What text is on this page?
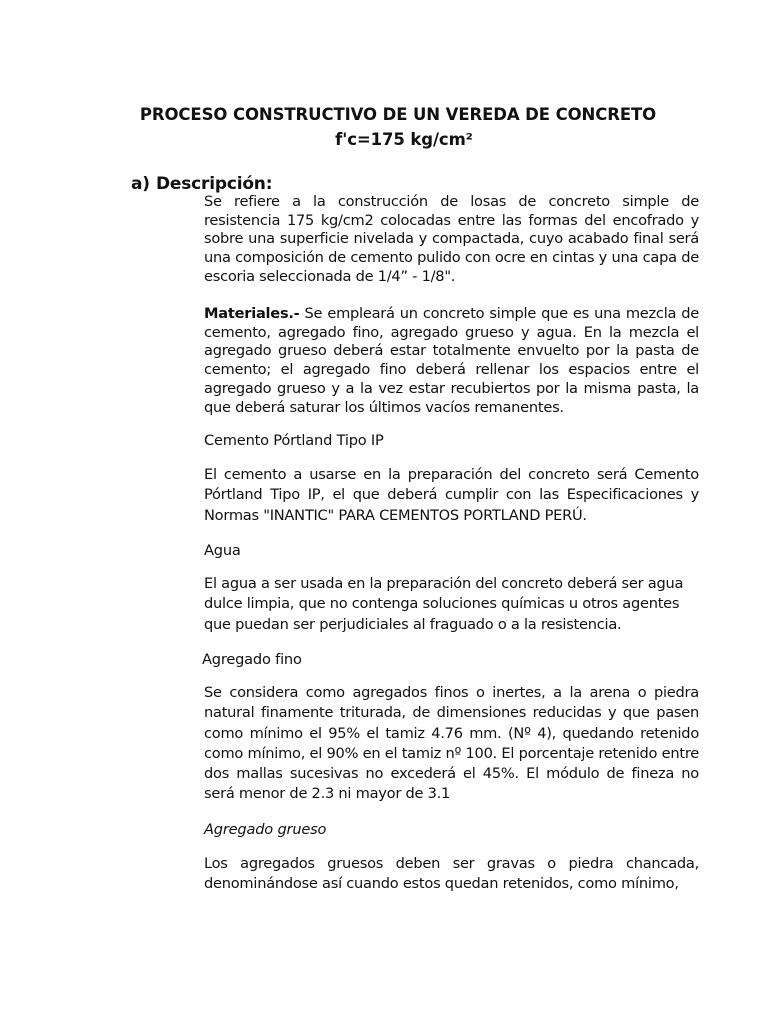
PROCESO CONSTRUCTIVO DE UN VEREDA DE CONCRETO
f'c=175 kg/cm²
a) Descripción:
Se refiere a la construcción de losas de concreto simple de resistencia 175 kg/cm2 colocadas entre las formas del encofrado y sobre una superficie nivelada y compactada, cuyo acabado final será una composición de cemento pulido con ocre en cintas y una capa de escoria seleccionada de 1/4” - 1/8".
Materiales.- Se empleará un concreto simple que es una mezcla de cemento, agregado fino, agregado grueso y agua. En la mezcla el agregado grueso deberá estar totalmente envuelto por la pasta de cemento; el agregado fino deberá rellenar los espacios entre el agregado grueso y a la vez estar recubiertos por la misma pasta, la que deberá saturar los últimos vacíos remanentes.
Cemento Pórtland Tipo IP
El cemento a usarse en la preparación del concreto será Cemento Pórtland Tipo IP, el que deberá cumplir con las Especificaciones y Normas "INANTIC" PARA CEMENTOS PORTLAND PERÚ.
Agua
El agua a ser usada en la preparación del concreto deberá ser agua dulce limpia, que no contenga soluciones químicas u otros agentes que puedan ser perjudiciales al fraguado o a la resistencia.
Agregado fino
Se considera como agregados finos o inertes, a la arena o piedra natural finamente triturada, de dimensiones reducidas y que pasen como mínimo el 95% el tamiz 4.76 mm. (Nº 4), quedando retenido como mínimo, el 90% en el tamiz nº 100. El porcentaje retenido entre dos mallas sucesivas no excederá el 45%. El módulo de fineza no será menor de 2.3 ni mayor de 3.1
Agregado grueso
Los agregados gruesos deben ser gravas o piedra chancada, denominándose así cuando estos quedan retenidos, como mínimo,
